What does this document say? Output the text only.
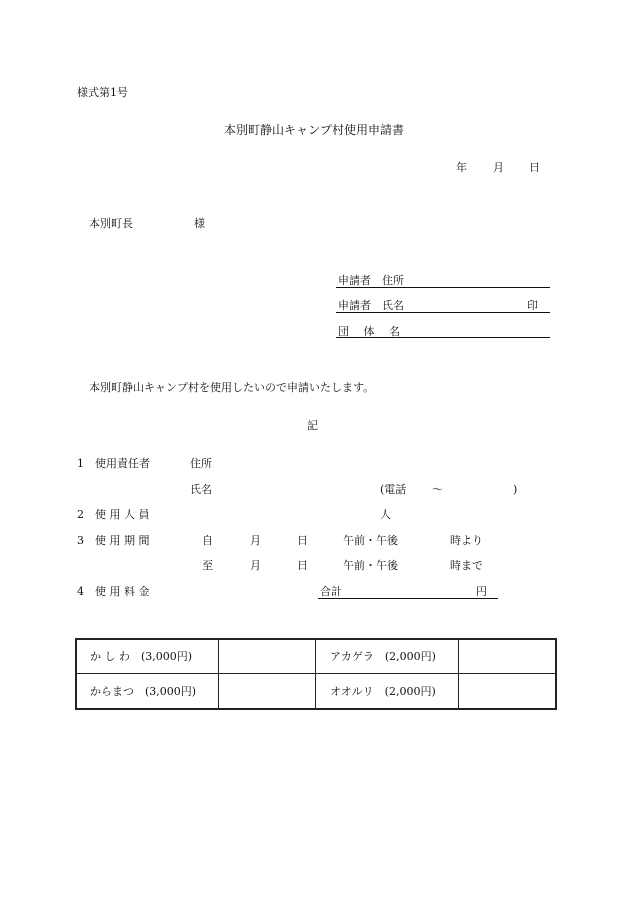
様式第1号
本別町静山キャンプ村使用申請書
年 月 日
本別町長	様
申請者　住所
申請者　氏名	印
団　 体　 名
本別町静山キャンプ村を使用したいので申請いたします。
記
1 使用責任者	住所
氏名	(電話 〜	)
2 使 用 人 員	人
3 使 用 期 間	自	月	日	午前・午後	時より
至	月	日	午前・午後	時まで
4 使 用 料 金	合計	円
か し わ　(3,000円)		アカゲラ　(2,000円)	
からまつ　(3,000円)		オオルリ　(2,000円)	
